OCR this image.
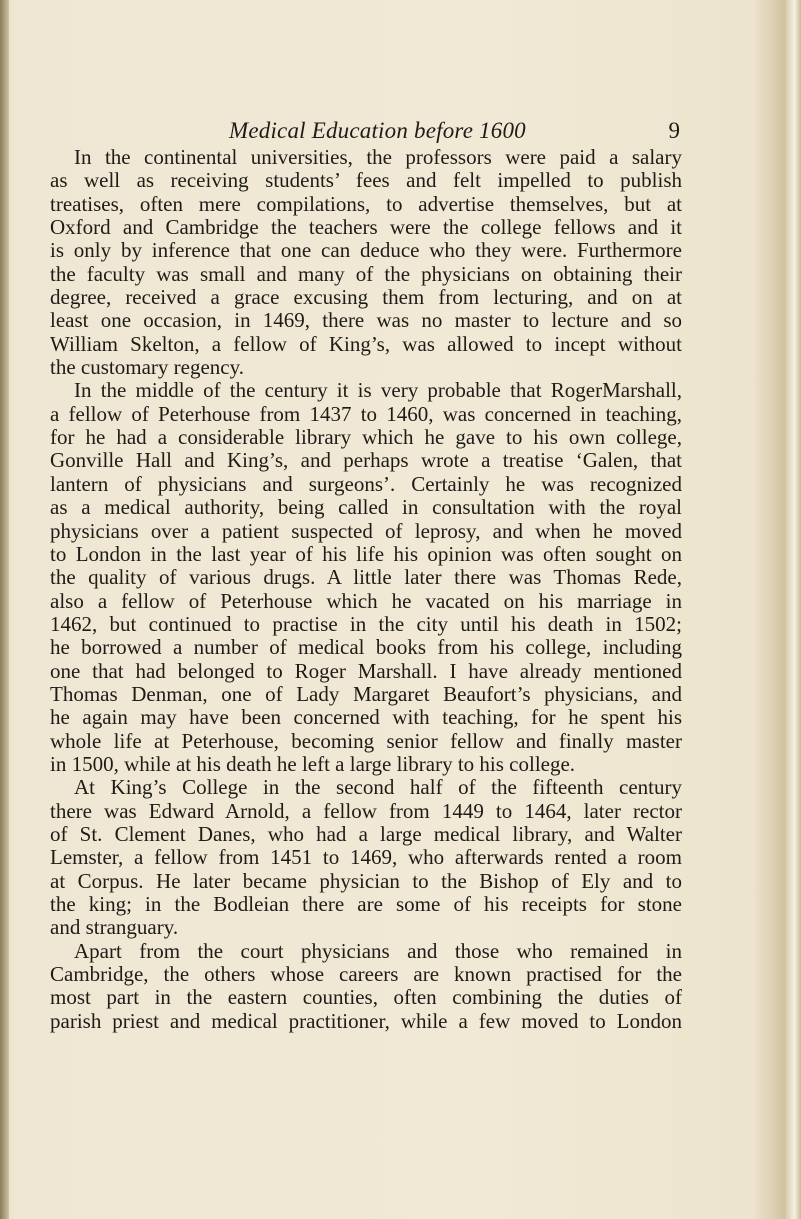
Medical Education before 1600	9
In the continental universities, the professors were paid a salary
as well as receiving students’ fees and felt impelled to publish
treatises, often mere compilations, to advertise themselves, but at
Oxford and Cambridge the teachers were the college fellows and it
is only by inference that one can deduce who they were. Furthermore
the faculty was small and many of the physicians on obtaining their
degree, received a grace excusing them from lecturing, and on at
least one occasion, in 1469, there was no master to lecture and so
William Skelton, a fellow of King’s, was allowed to incept without
the customary regency.
In the middle of the century it is very probable that RogerMarshall,
a fellow of Peterhouse from 1437 to 1460, was concerned in teaching,
for he had a considerable library which he gave to his own college,
Gonville Hall and King’s, and perhaps wrote a treatise ‘Galen, that
lantern of physicians and surgeons’. Certainly he was recognized
as a medical authority, being called in consultation with the royal
physicians over a patient suspected of leprosy, and when he moved
to London in the last year of his life his opinion was often sought on
the quality of various drugs. A little later there was Thomas Rede,
also a fellow of Peterhouse which he vacated on his marriage in
1462, but continued to practise in the city until his death in 1502;
he borrowed a number of medical books from his college, including
one that had belonged to Roger Marshall. I have already mentioned
Thomas Denman, one of Lady Margaret Beaufort’s physicians, and
he again may have been concerned with teaching, for he spent his
whole life at Peterhouse, becoming senior fellow and finally master
in 1500, while at his death he left a large library to his college.
At King’s College in the second half of the fifteenth century
there was Edward Arnold, a fellow from 1449 to 1464, later rector
of St. Clement Danes, who had a large medical library, and Walter
Lemster, a fellow from 1451 to 1469, who afterwards rented a room
at Corpus. He later became physician to the Bishop of Ely and to
the king; in the Bodleian there are some of his receipts for stone
and stranguary.
Apart from the court physicians and those who remained in
Cambridge, the others whose careers are known practised for the
most part in the eastern counties, often combining the duties of
parish priest and medical practitioner, while a few moved to London
